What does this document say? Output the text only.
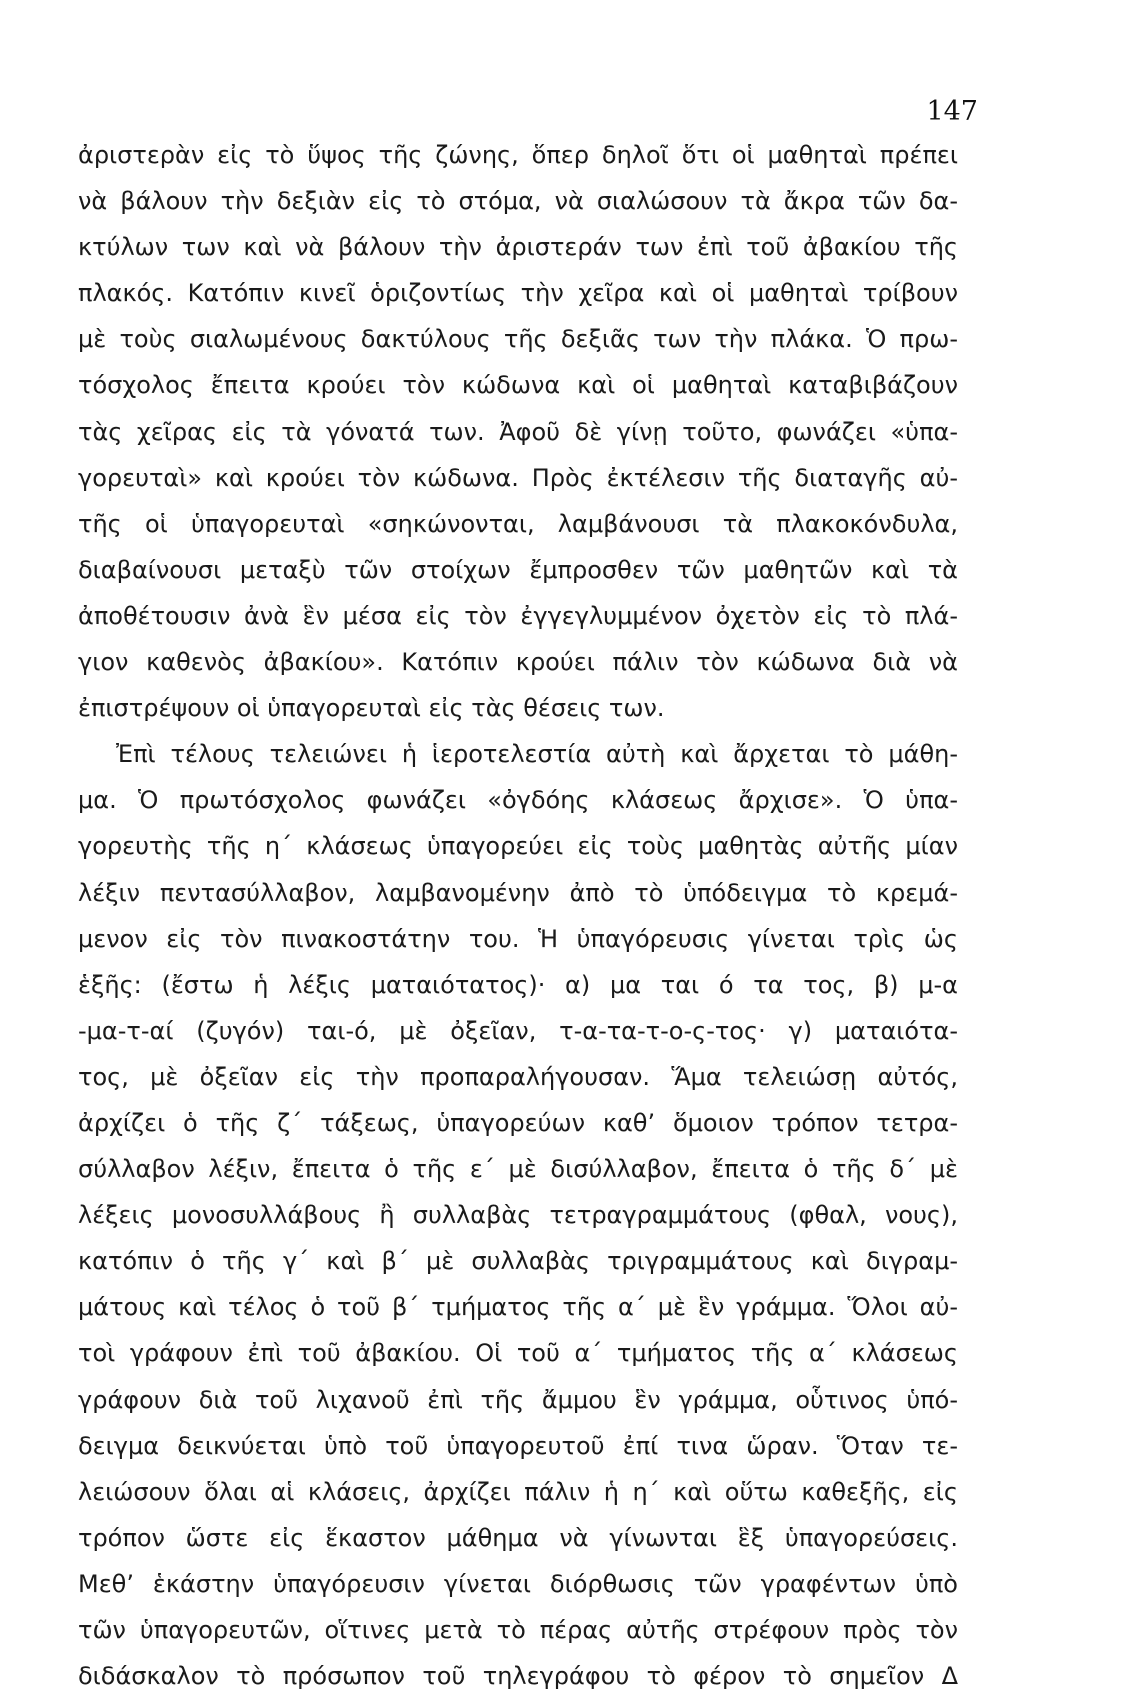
147
ἀριστερὰν εἰς τὸ ὕψος τῆς ζώνης, ὅπερ δηλοῖ ὅτι οἱ μαθηταὶ πρέπει
νὰ βάλουν τὴν δεξιὰν εἰς τὸ στόμα, νὰ σιαλώσουν τὰ ἄκρα τῶν δα-
κτύλων των καὶ νὰ βάλουν τὴν ἀριστεράν των ἐπὶ τοῦ ἀβακίου τῆς
πλακός. Κατόπιν κινεῖ ὁριζοντίως τὴν χεῖρα καὶ οἱ μαθηταὶ τρίβουν
μὲ τοὺς σιαλωμένους δακτύλους τῆς δεξιᾶς των τὴν πλάκα. Ὁ πρω-
τόσχολος ἔπειτα κρούει τὸν κώδωνα καὶ οἱ μαθηταὶ καταβιβάζουν
τὰς χεῖρας εἰς τὰ γόνατά των. Ἀφοῦ δὲ γίνῃ τοῦτο, φωνάζει «ὑπα-
γορευταὶ» καὶ κρούει τὸν κώδωνα. Πρὸς ἐκτέλεσιν τῆς διαταγῆς αὐ-
τῆς οἱ ὑπαγορευταὶ «σηκώνονται, λαμβάνουσι τὰ πλακοκόνδυλα,
διαβαίνουσι μεταξὺ τῶν στοίχων ἔμπροσθεν τῶν μαθητῶν καὶ τὰ
ἀποθέτουσιν ἀνὰ ἓν μέσα εἰς τὸν ἐγγεγλυμμένον ὀχετὸν εἰς τὸ πλά-
γιον καθενὸς ἀβακίου». Κατόπιν κρούει πάλιν τὸν κώδωνα διὰ νὰ
ἐπιστρέψουν οἱ ὑπαγορευταὶ εἰς τὰς θέσεις των.
Ἐπὶ τέλους τελειώνει ἡ ἱεροτελεστία αὐτὴ καὶ ἄρχεται τὸ μάθη-
μα. Ὁ πρωτόσχολος φωνάζει «ὀγδόης κλάσεως ἄρχισε». Ὁ ὑπα-
γορευτὴς τῆς η´ κλάσεως ὑπαγορεύει εἰς τοὺς μαθητὰς αὐτῆς μίαν
λέξιν πεντασύλλαβον, λαμβανομένην ἀπὸ τὸ ὑπόδειγμα τὸ κρεμά-
μενον εἰς τὸν πινακοστάτην του. Ἡ ὑπαγόρευσις γίνεται τρὶς ὡς
ἑξῆς: (ἔστω ἡ λέξις ματαιότατος)· α) μα ται ό τα τος, β) μ-α
-μα-τ-αί (ζυγόν) ται-ό, μὲ ὀξεῖαν, τ-α-τα-τ-ο-ς-τος· γ) ματαιότα-
τος, μὲ ὀξεῖαν εἰς τὴν προπαραλήγουσαν. Ἅμα τελειώσῃ αὐτός,
ἀρχίζει ὁ τῆς ζ´ τάξεως, ὑπαγορεύων καθ’ ὅμοιον τρόπον τετρα-
σύλλαβον λέξιν, ἔπειτα ὁ τῆς ε´ μὲ δισύλλαβον, ἔπειτα ὁ τῆς δ´ μὲ
λέξεις μονοσυλλάβους ἢ συλλαβὰς τετραγραμμάτους (φθαλ, νους),
κατόπιν ὁ τῆς γ´ καὶ β´ μὲ συλλαβὰς τριγραμμάτους καὶ διγραμ-
μάτους καὶ τέλος ὁ τοῦ β´ τμήματος τῆς α´ μὲ ἓν γράμμα. Ὅλοι αὐ-
τοὶ γράφουν ἐπὶ τοῦ ἀβακίου. Οἱ τοῦ α´ τμήματος τῆς α´ κλάσεως
γράφουν διὰ τοῦ λιχανοῦ ἐπὶ τῆς ἄμμου ἓν γράμμα, οὗτινος ὑπό-
δειγμα δεικνύεται ὑπὸ τοῦ ὑπαγορευτοῦ ἐπί τινα ὥραν. Ὅταν τε-
λειώσουν ὅλαι αἱ κλάσεις, ἀρχίζει πάλιν ἡ η´ καὶ οὕτω καθεξῆς, εἰς
τρόπον ὥστε εἰς ἕκαστον μάθημα νὰ γίνωνται ἓξ ὑπαγορεύσεις.
Μεθ’ ἑκάστην ὑπαγόρευσιν γίνεται διόρθωσις τῶν γραφέντων ὑπὸ
τῶν ὑπαγορευτῶν, οἵτινες μετὰ τὸ πέρας αὐτῆς στρέφουν πρὸς τὸν
διδάσκαλον τὸ πρόσωπον τοῦ τηλεγράφου τὸ φέρον τὸ σημεῖον Δ
